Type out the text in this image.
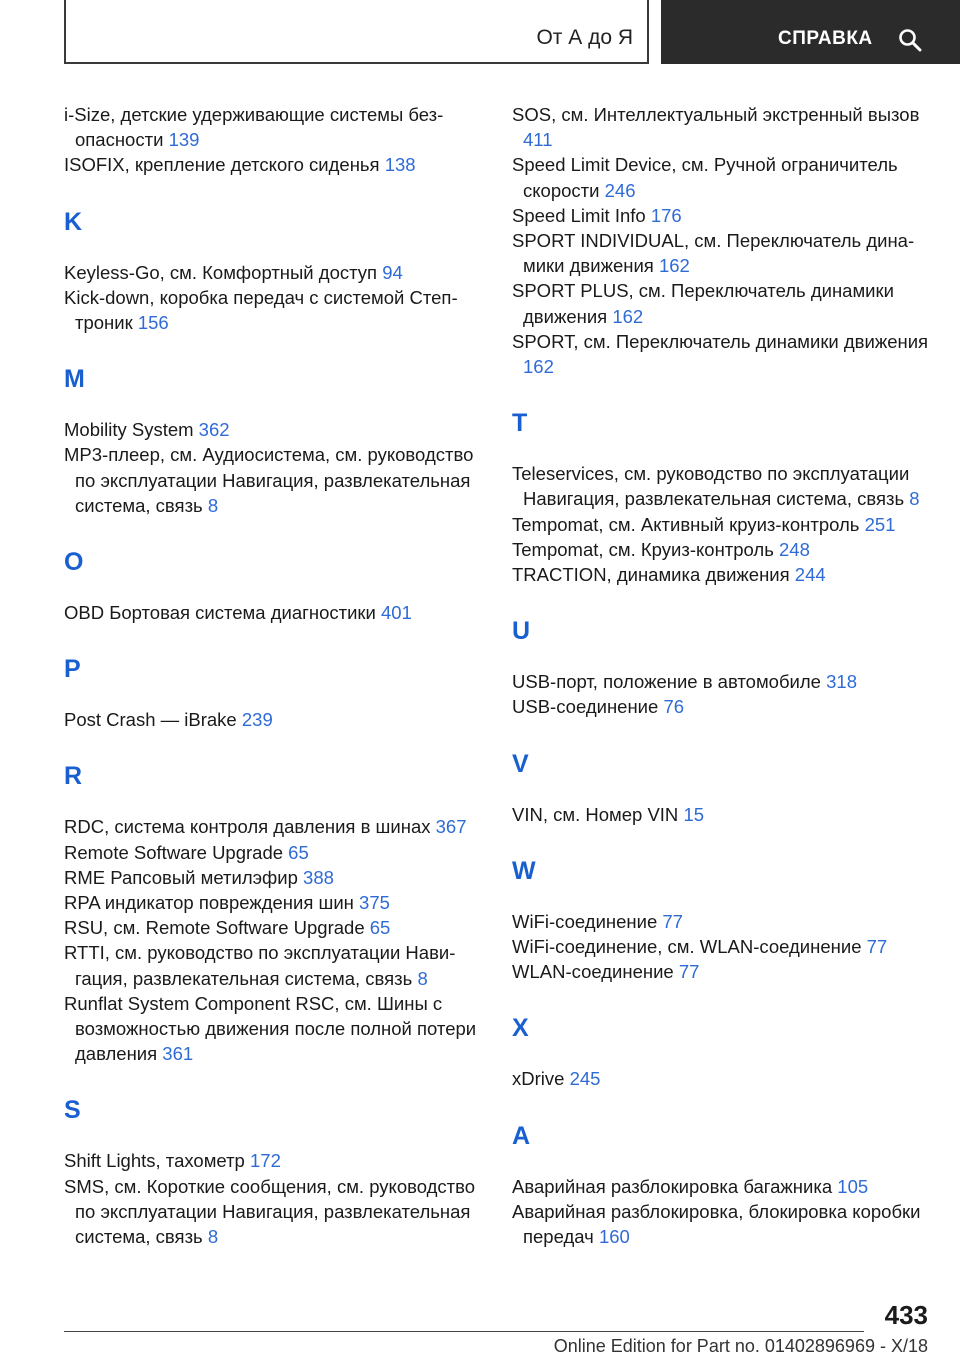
От А до Я	СПРАВКА
i-Size, детские удерживающие системы безопасности 139
ISOFIX, крепление детского сиденья 138
K
Keyless-Go, см. Комфортный доступ 94
Kick-down, коробка передач с системой Стептроник 156
M
Mobility System 362
MP3-плеер, см. Аудиосистема, см. руководство по эксплуатации Навигация, развлекательная система, связь 8
O
OBD Бортовая система диагностики 401
P
Post Crash — iBrake 239
R
RDC, система контроля давления в шинах 367
Remote Software Upgrade 65
RME Рапсовый метилэфир 388
RPA индикатор повреждения шин 375
RSU, см. Remote Software Upgrade 65
RTTI, см. руководство по эксплуатации Навигация, развлекательная система, связь 8
Runflat System Component RSC, см. Шины с возможностью движения после полной потери давления 361
S
Shift Lights, тахометр 172
SMS, см. Короткие сообщения, см. руководство по эксплуатации Навигация, развлекательная система, связь 8
SOS, см. Интеллектуальный экстренный вызов 411
Speed Limit Device, см. Ручной ограничитель скорости 246
Speed Limit Info 176
SPORT INDIVIDUAL, см. Переключатель динамики движения 162
SPORT PLUS, см. Переключатель динамики движения 162
SPORT, см. Переключатель динамики движения 162
T
Teleservices, см. руководство по эксплуатации Навигация, развлекательная система, связь 8
Tempomat, см. Активный круиз-контроль 251
Tempomat, см. Круиз-контроль 248
TRACTION, динамика движения 244
U
USB-порт, положение в автомобиле 318
USB-соединение 76
V
VIN, см. Номер VIN 15
W
WiFi-соединение 77
WiFi-соединение, см. WLAN-соединение 77
WLAN-соединение 77
X
xDrive 245
А
Аварийная разблокировка багажника 105
Аварийная разблокировка, блокировка коробки передач 160
433
Online Edition for Part no. 01402896969 - X/18
